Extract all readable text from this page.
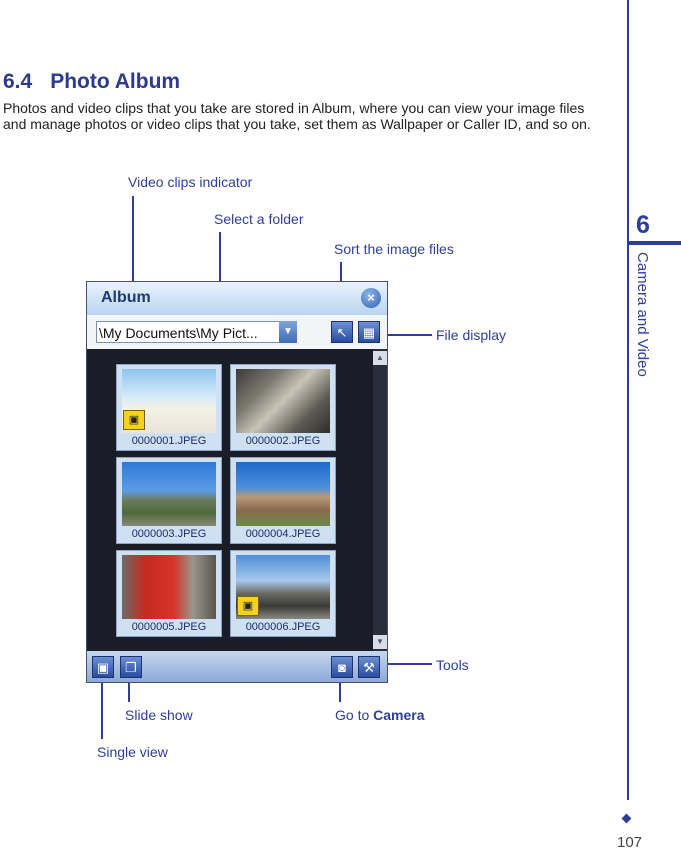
6.4 Photo Album
Photos and video clips that you take are stored in Album, where you can view your image files and manage photos or video clips that you take, set them as Wallpaper or Caller ID, and so on.
Video clips indicator
Select a folder
Sort the image files
File display
Tools
Slide show	Go to Camera
Single view
Album	×
\My Documents\My Pict...	▼	↖	▦
▣
0000001.JPEG	0000002.JPEG
0000003.JPEG	0000004.JPEG
0000005.JPEG
▣
0000006.JPEG
▲
▼
▣	❐	◙	⚒
6
Camera and Video
107
